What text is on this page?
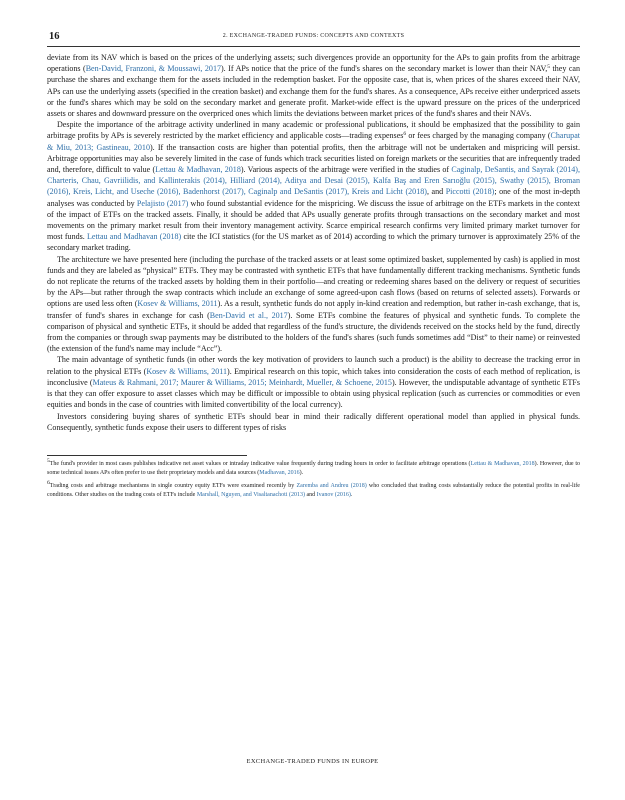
16	2. EXCHANGE-TRADED FUNDS: CONCEPTS AND CONTEXTS

deviate from its NAV which is based on the prices of the underlying assets; such divergences provide an opportunity for the APs to gain profits from the arbitrage operations (Ben-David, Franzoni, & Moussawi, 2017). If APs notice that the price of the fund's shares on the secondary market is lower than their NAV,$^5$ they can purchase the shares and exchange them for the assets included in the redemption basket. For the opposite case, that is, when prices of the shares exceed their NAV, APs can use the underlying assets (specified in the creation basket) and exchange them for the fund's shares. As a consequence, APs receive either underpriced assets or the fund's shares which may be sold on the secondary market and generate profit. Market-wide effect is the upward pressure on the prices of the underpriced assets or shares and downward pressure on the overpriced ones which limits the deviations between market prices of the fund's shares and their NAVs.

Despite the importance of the arbitrage activity underlined in many academic or professional publications, it should be emphasized that the possibility to gain arbitrage profits by APs is severely restricted by the market efficiency and applicable costs—trading expenses$^6$ or fees charged by the managing company (Charupat & Miu, 2013; Gastineau, 2010). If the transaction costs are higher than potential profits, then the arbitrage will not be undertaken and mispricing will persist. Arbitrage opportunities may also be severely limited in the case of funds which track securities listed on foreign markets or the securities that are infrequently traded and, therefore, difficult to value (Lettau & Madhavan, 2018). Various aspects of the arbitrage were verified in the studies of Caginalp, DeSantis, and Sayrak (2014), Charteris, Chau, Gavriilidis, and Kallinterakis (2014), Hilliard (2014), Aditya and Desai (2015), Kalfa Baş and Eren Sarıoğlu (2015), Swathy (2015), Broman (2016), Kreis, Licht, and Useche (2016), Badenhorst (2017), Caginalp and DeSantis (2017), Kreis and Licht (2018), and Piccotti (2018); one of the most in-depth analyses was conducted by Pelajisto (2017) who found substantial evidence for the mispricing. We discuss the issue of arbitrage on the ETFs markets in the context of the impact of ETFs on the tracked assets. Finally, it should be added that APs usually generate profits through transactions on the secondary market and most movements on the primary market result from their inventory management activity. Scarce empirical research confirms very limited primary market turnover for most funds. Lettau and Madhavan (2018) cite the ICI statistics (for the US market as of 2014) according to which the primary turnover is approximately 25% of the secondary market trading.

The architecture we have presented here (including the purchase of the tracked assets or at least some optimized basket, supplemented by cash) is applied in most funds and they are labeled as “physical” ETFs. They may be contrasted with synthetic ETFs that have fundamentally different tracking mechanisms. Synthetic funds do not replicate the returns of the tracked assets by holding them in their portfolio—and creating or redeeming shares based on the delivery or request of securities by the APs—but rather through the swap contracts which include an exchange of some agreed-upon cash flows (based on returns of selected assets). Forwards or options are used less often (Kosev & Williams, 2011). As a result, synthetic funds do not apply in-kind creation and redemption, but rather in-cash exchange, that is, transfer of fund's shares in exchange for cash (Ben-David et al., 2017). Some ETFs combine the features of physical and synthetic funds. To complete the comparison of physical and synthetic ETFs, it should be added that regardless of the fund's structure, the dividends received on the stocks held by the fund, directly from the companies or through swap payments may be distributed to the holders of the fund's shares (such funds sometimes add “Dist” to their name) or reinvested (the extension of the fund's name may include “Acc”).

The main advantage of synthetic funds (in other words the key motivation of providers to launch such a product) is the ability to decrease the tracking error in relation to the physical ETFs (Kosev & Williams, 2011). Empirical research on this topic, which takes into consideration the costs of each method of replication, is inconclusive (Mateus & Rahmani, 2017; Maurer & Williams, 2015; Meinhardt, Mueller, & Schoene, 2015). However, the undisputable advantage of synthetic ETFs is that they can offer exposure to asset classes which may be difficult or impossible to obtain using physical replication (such as currencies or commodities or even equities and bonds in the case of countries with limited convertibility of the local currency).

Investors considering buying shares of synthetic ETFs should bear in mind their radically different operational model than applied in physical funds. Consequently, synthetic funds expose their users to different types of risks

$^5$The fund's provider in most cases publishes indicative net asset values or intraday indicative value frequently during trading hours in order to facilitate arbitrage operations (Lettau & Madhavan, 2018). However, due to some technical issues APs often prefer to use their proprietary models and data sources (Madhavan, 2016).

$^6$Trading costs and arbitrage mechanisms in single country equity ETFs were examined recently by Zaremba and Andreu (2018) who concluded that trading costs substantially reduce the potential profits in real-life conditions. Other studies on the trading costs of ETFs include Marshall, Nguyen, and Visaltanachoti (2013) and Ivanov (2016).

EXCHANGE-TRADED FUNDS IN EUROPE
